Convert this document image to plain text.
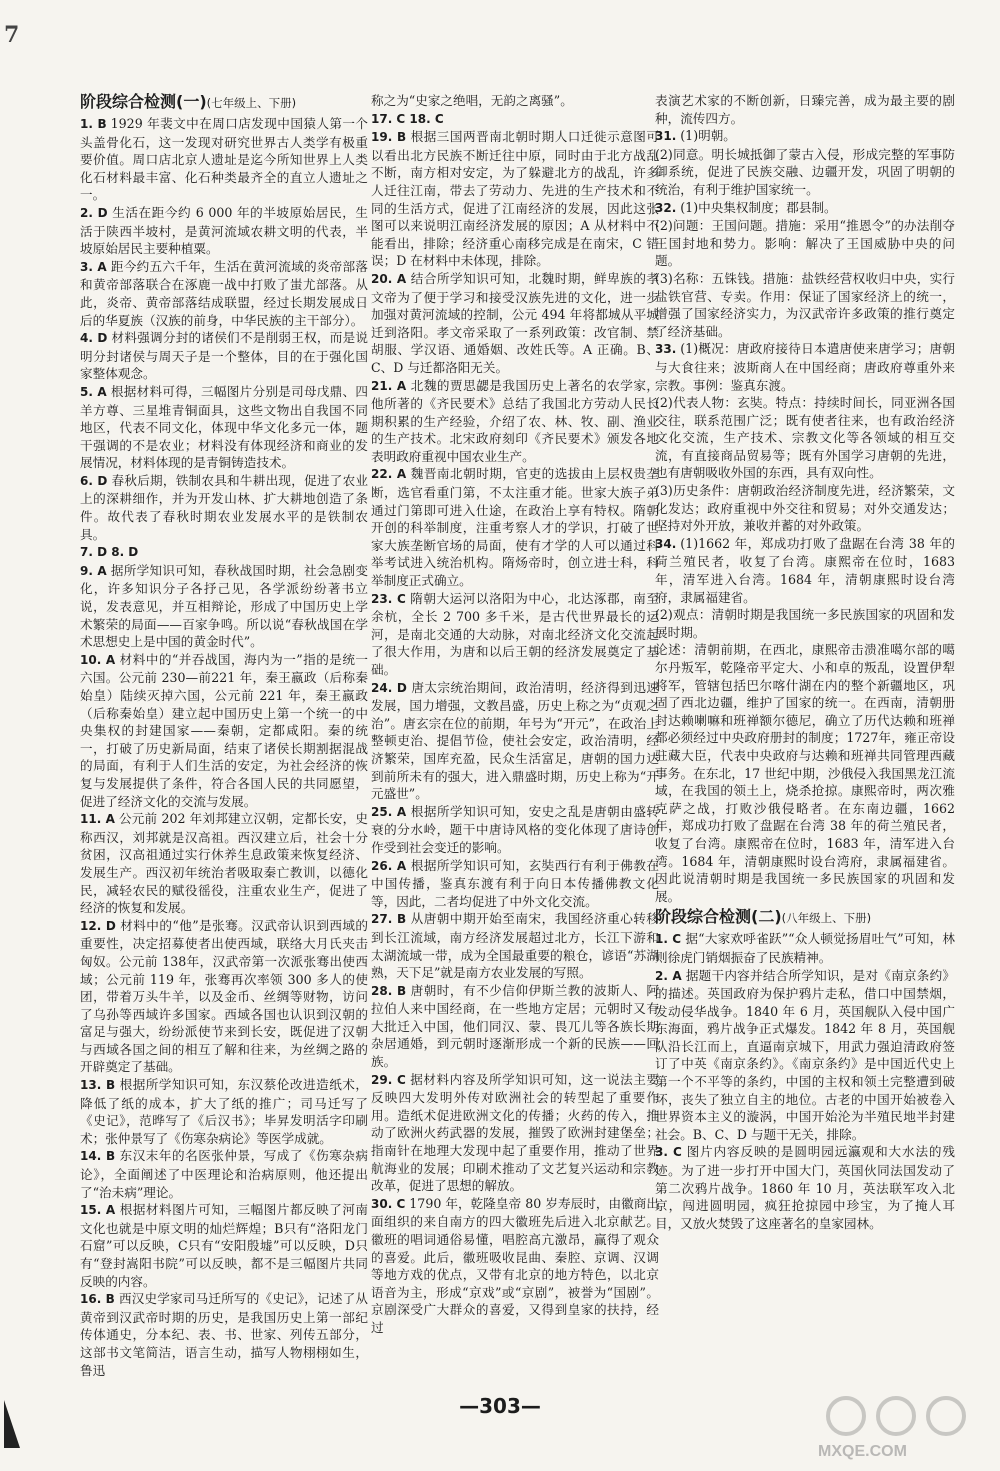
7
阶段综合检测(一)(七年级上、下册)

1. B 1929 年裴文中在周口店发现中国猿人第一个头盖骨化石，这一发现对研究世界古人类学有极重要价值。周口店北京人遗址是迄今所知世界上人类化石材料最丰富、化石种类最齐全的直立人遗址之一。

2. D 生活在距今约 6 000 年的半坡原始居民，生活于陕西半坡村，是黄河流域农耕文明的代表，半坡原始居民主要种植粟。

3. A 距今约五六千年，生活在黄河流域的炎帝部落和黄帝部落联合在涿鹿一战中打败了蚩尤部落。从此，炎帝、黄帝部落结成联盟，经过长期发展成日后的华夏族（汉族的前身，中华民族的主干部分）。

4. D 材料强调分封的诸侯们不是削弱王权，而是说明分封诸侯与周天子是一个整体，目的在于强化国家整体观念。

5. A 根据材料可得，三幅图片分别是司母戊鼎、四羊方尊、三星堆青铜面具，这些文物出自我国不同地区，代表不同文化，体现中华文化多元一体，题干强调的不是农业；材料没有体现经济和商业的发展情况，材料体现的是青铜铸造技术。

6. D 春秋后期，铁制农具和牛耕出现，促进了农业上的深耕细作，并为开发山林、扩大耕地创造了条件。故代表了春秋时期农业发展水平的是铁制农具。

7. D 8. D

9. A 据所学知识可知，春秋战国时期，社会急剧变化，许多知识分子各抒己见，各学派纷纷著书立说，发表意见，并互相辩论，形成了中国历史上学术繁荣的局面——百家争鸣。所以说“春秋战国在学术思想史上是中国的黄金时代”。

10. A 材料中的“并吞战国，海内为一”指的是统一六国。公元前 230—前221 年，秦王嬴政（后称秦始皇）陆续灭掉六国，公元前 221 年，秦王嬴政（后称秦始皇）建立起中国历史上第一个统一的中央集权的封建国家——秦朝，定都咸阳。秦的统一，打破了历史新局面，结束了诸侯长期割据混战的局面，有利于人们生活的安定，为社会经济的恢复与发展提供了条件，符合各国人民的共同愿望，促进了经济文化的交流与发展。

11. A 公元前 202 年刘邦建立汉朝，定都长安，史称西汉，刘邦就是汉高祖。西汉建立后，社会十分贫困，汉高祖通过实行休养生息政策来恢复经济、发展生产。西汉初年统治者吸取秦亡教训，以德化民，减轻农民的赋役徭役，注重农业生产，促进了经济的恢复和发展。

12. D 材料中的“他”是张骞。汉武帝认识到西域的重要性，决定招募使者出使西域，联络大月氏夹击匈奴。公元前 138年，汉武帝第一次派张骞出使西域；公元前 119 年，张骞再次率领 300 多人的使团，带着万头牛羊，以及金币、丝绸等财物，访问了乌孙等西域许多国家。西域各国也认识到汉朝的富足与强大，纷纷派使节来到长安，既促进了汉朝与西域各国之间的相互了解和往来，为丝绸之路的开辟奠定了基础。

13. B 根据所学知识可知，东汉蔡伦改进造纸术，降低了纸的成本，扩大了纸的推广；司马迁写了《史记》，范晔写了《后汉书》；毕昇发明活字印刷术；张仲景写了《伤寒杂病论》等医学成就。

14. B 东汉末年的名医张仲景，写成了《伤寒杂病论》，全面阐述了中医理论和治病原则，他还提出了“治未病”理论。

15. A 根据材料图片可知，三幅图片都反映了河南文化也就是中原文明的灿烂辉煌；B只有“洛阳龙门石窟”可以反映，C只有“安阳殷墟”可以反映，D只有“登封嵩阳书院”可以反映，都不是三幅图片共同反映的内容。

16. B 西汉史学家司马迁所写的《史记》，记述了从黄帝到汉武帝时期的历史，是我国历史上第一部纪传体通史，分本纪、表、书、世家、列传五部分，这部书文笔简洁，语言生动，描写人物栩栩如生，鲁迅

称之为“史家之绝唱，无韵之离骚”。

17. C 18. C

19. B 根据三国两晋南北朝时期人口迁徙示意图可以看出北方民族不断迁往中原，同时由于北方战乱不断，南方相对安定，为了躲避北方的战乱，许多人迁往江南，带去了劳动力、先进的生产技术和不同的生活方式，促进了江南经济的发展，因此这张图可以来说明江南经济发展的原因；A 从材料中不能看出，排除；经济重心南移完成是在南宋，C 错误；D 在材料中未体现，排除。

20. A 结合所学知识可知，北魏时期，鲜卑族的孝文帝为了便于学习和接受汉族先进的文化，进一步加强对黄河流域的控制，公元 494 年将都城从平城迁到洛阳。孝文帝采取了一系列政策：改官制、禁胡服、学汉语、通婚姻、改姓氏等。A 正确。B、C、D 与迁都洛阳无关。

21. A 北魏的贾思勰是我国历史上著名的农学家，他所著的《齐民要术》总结了我国北方劳动人民长期积累的生产经验，介绍了农、林、牧、副、渔业的生产技术。北宋政府刻印《齐民要术》颁发各地表明政府重视中国农业生产。

22. A 魏晋南北朝时期，官吏的选拔由上层权贵垄断，选官看重门第，不太注重才能。世家大族子弟通过门第即可进入仕途，在政治上享有特权。隋朝开创的科举制度，注重考察人才的学识，打破了世家大族垄断官场的局面，使有才学的人可以通过科举考试进入统治机构。隋炀帝时，创立进士科，科举制度正式确立。

23. C 隋朝大运河以洛阳为中心，北达涿郡，南至余杭，全长 2 700 多千米，是古代世界最长的运河，是南北交通的大动脉，对南北经济文化交流起了很大作用，为唐和以后王朝的经济发展奠定了基础。

24. D 唐太宗统治期间，政治清明，经济得到迅速发展，国力增强，文教昌盛，历史上称之为“贞观之治”。唐玄宗在位的前期，年号为“开元”，在政治上整顿吏治、提倡节俭，使社会安定，政治清明，经济繁荣，国库充盈，民众生活富足，唐朝的国力达到前所未有的强大，进入鼎盛时期，历史上称为“开元盛世”。

25. A 根据所学知识可知，安史之乱是唐朝由盛转衰的分水岭，题干中唐诗风格的变化体现了唐诗创作受到社会变迁的影响。

26. A 根据所学知识可知，玄奘西行有利于佛教在中国传播，鉴真东渡有利于向日本传播佛教文化等，因此，二者均促进了中外文化交流。

27. B 从唐朝中期开始至南宋，我国经济重心转移到长江流域，南方经济发展超过北方，长江下游和太湖流域一带，成为全国最重要的粮仓，谚语“苏湖熟，天下足”就是南方农业发展的写照。

28. B 唐朝时，有不少信仰伊斯兰教的波斯人、阿拉伯人来中国经商，在一些地方定居；元朝时又有大批迁入中国，他们同汉、蒙、畏兀儿等各族长期杂居通婚，到元朝时逐渐形成一个新的民族——回族。

29. C 据材料内容及所学知识可知，这一说法主要反映四大发明外传对欧洲社会的转型起了重要作用。造纸术促进欧洲文化的传播；火药的传入，推动了欧洲火药武器的发展，摧毁了欧洲封建堡垒；指南针在地理大发现中起了重要作用，推动了世界航海业的发展；印刷术推动了文艺复兴运动和宗教改革，促进了思想的解放。

30. C 1790 年，乾隆皇帝 80 岁寿辰时，由徽商出面组织的来自南方的四大徽班先后进入北京献艺。徽班的唱词通俗易懂，唱腔高亢激昂，赢得了观众的喜爱。此后，徽班吸收昆曲、秦腔、京调、汉调等地方戏的优点，又带有北京的地方特色，以北京语音为主，形成“京戏”或“京剧”，被誉为“国剧”。京剧深受广大群众的喜爱，又得到皇家的扶持，经过

表演艺术家的不断创新，日臻完善，成为最主要的剧种，流传四方。

31. (1)明朝。

(2)同意。明长城抵御了蒙古入侵，形成完整的军事防御系统，促进了民族交融、边疆开发，巩固了明朝的统治，有利于维护国家统一。

32. (1)中央集权制度；郡县制。

(2)问题：王国问题。措施：采用“推恩令”的办法削夺王国封地和势力。影响：解决了王国威胁中央的问题。

(3)名称：五铢钱。措施：盐铁经营权收归中央，实行盐铁官营、专卖。作用：保证了国家经济上的统一，增强了国家经济实力，为汉武帝许多政策的推行奠定了经济基础。

33. (1)概况：唐政府接待日本遣唐使来唐学习；唐朝与大食往来；波斯商人在中国经商；唐政府尊重外来宗教。事例：鉴真东渡。

(2)代表人物：玄奘。特点：持续时间长，同亚洲各国交往，联系范围广泛；既有使者往来，也有政治经济文化交流，生产技术、宗教文化等各领域的相互交流，有直接商品贸易等；既有外国学习唐朝的先进，也有唐朝吸收外国的东西，具有双向性。

(3)历史条件：唐朝政治经济制度先进，经济繁荣，文化发达；政府重视中外交往和贸易；对外交通发达；坚持对外开放，兼收并蓄的对外政策。

34. (1)1662 年，郑成功打败了盘踞在台湾 38 年的荷兰殖民者，收复了台湾。康熙帝在位时，1683 年，清军进入台湾。1684 年，清朝康熙时设台湾府，隶属福建省。

(2)观点：清朝时期是我国统一多民族国家的巩固和发展时期。

论述：清朝前期，在西北，康熙帝击溃准噶尔部的噶尔丹叛军，乾隆帝平定大、小和卓的叛乱，设置伊犁将军，管辖包括巴尔喀什湖在内的整个新疆地区，巩固了西北边疆，维护了国家的统一。在西南，清朝册封达赖喇嘛和班禅额尔德尼，确立了历代达赖和班禅都必须经过中央政府册封的制度；1727年，雍正帝设驻藏大臣，代表中央政府与达赖和班禅共同管理西藏事务。在东北，17 世纪中期，沙俄侵入我国黑龙江流域，在我国的领土上，烧杀抢掠。康熙帝时，两次雅克萨之战，打败沙俄侵略者。在东南边疆，1662 年，郑成功打败了盘踞在台湾 38 年的荷兰殖民者，收复了台湾。康熙帝在位时，1683 年，清军进入台湾。1684 年，清朝康熙时设台湾府，隶属福建省。因此说清朝时期是我国统一多民族国家的巩固和发展。

阶段综合检测(二)(八年级上、下册)

1. C 据“大家欢呼雀跃”“众人顿觉扬眉吐气”可知，林则徐虎门销烟振奋了民族精神。

2. A 据题干内容并结合所学知识，是对《南京条约》的描述。英国政府为保护鸦片走私，借口中国禁烟，发动侵华战争。1840 年 6 月，英国舰队入侵中国广东海面，鸦片战争正式爆发。1842 年 8 月，英国舰队沿长江而上，直逼南京城下，用武力强迫清政府签订了中英《南京条约》。《南京条约》是中国近代史上第一个不平等的条约，中国的主权和领土完整遭到破坏，丧失了独立自主的地位。古老的中国开始被卷入世界资本主义的漩涡，中国开始沦为半殖民地半封建社会。B、C、D 与题干无关，排除。

3. C 图片内容反映的是圆明园远瀛观和大水法的残迹。为了进一步打开中国大门，英国伙同法国发动了第二次鸦片战争。1860 年 10 月，英法联军攻入北京，闯进圆明园，疯狂抢掠园中珍宝，为了掩人耳目，又放火焚毁了这座著名的皇家园林。

—303—
MXQE.COM
